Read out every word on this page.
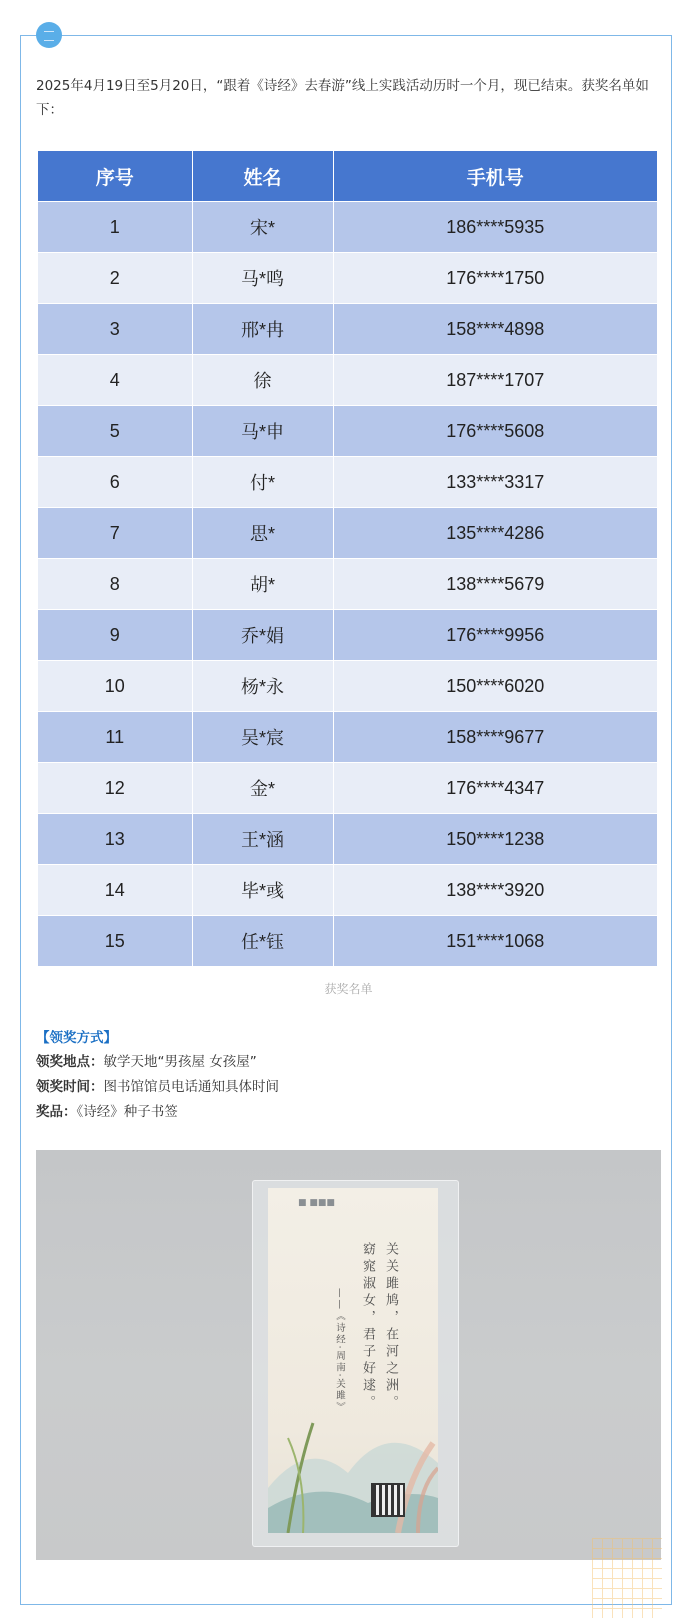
2025年4月19日至5月20日，“跟着《诗经》去春游”线上实践活动历时一个月，现已结束。获奖名单如下：

序号	姓名	手机号
1	宋*	186****5935
2	马*鸣	176****1750
3	邢*冉	158****4898
4	徐	187****1707
5	马*申	176****5608
6	付*	133****3317
7	思*	135****4286
8	胡*	138****5679
9	乔*娟	176****9956
10	杨*永	150****6020
11	吴*宸	158****9677
12	金*	176****4347
13	王*涵	150****1238
14	毕*彧	138****3920
15	任*钰	151****1068
获奖名单
【领奖方式】
领奖地点：敏学天地“男孩屋 女孩屋”
领奖时间：图书馆馆员电话通知具体时间
奖品：《诗经》种子书签
■ ■■■
关关雎鸠，在河之洲。
窈窕淑女，君子好逑。
——《诗经·周南·关雎》
